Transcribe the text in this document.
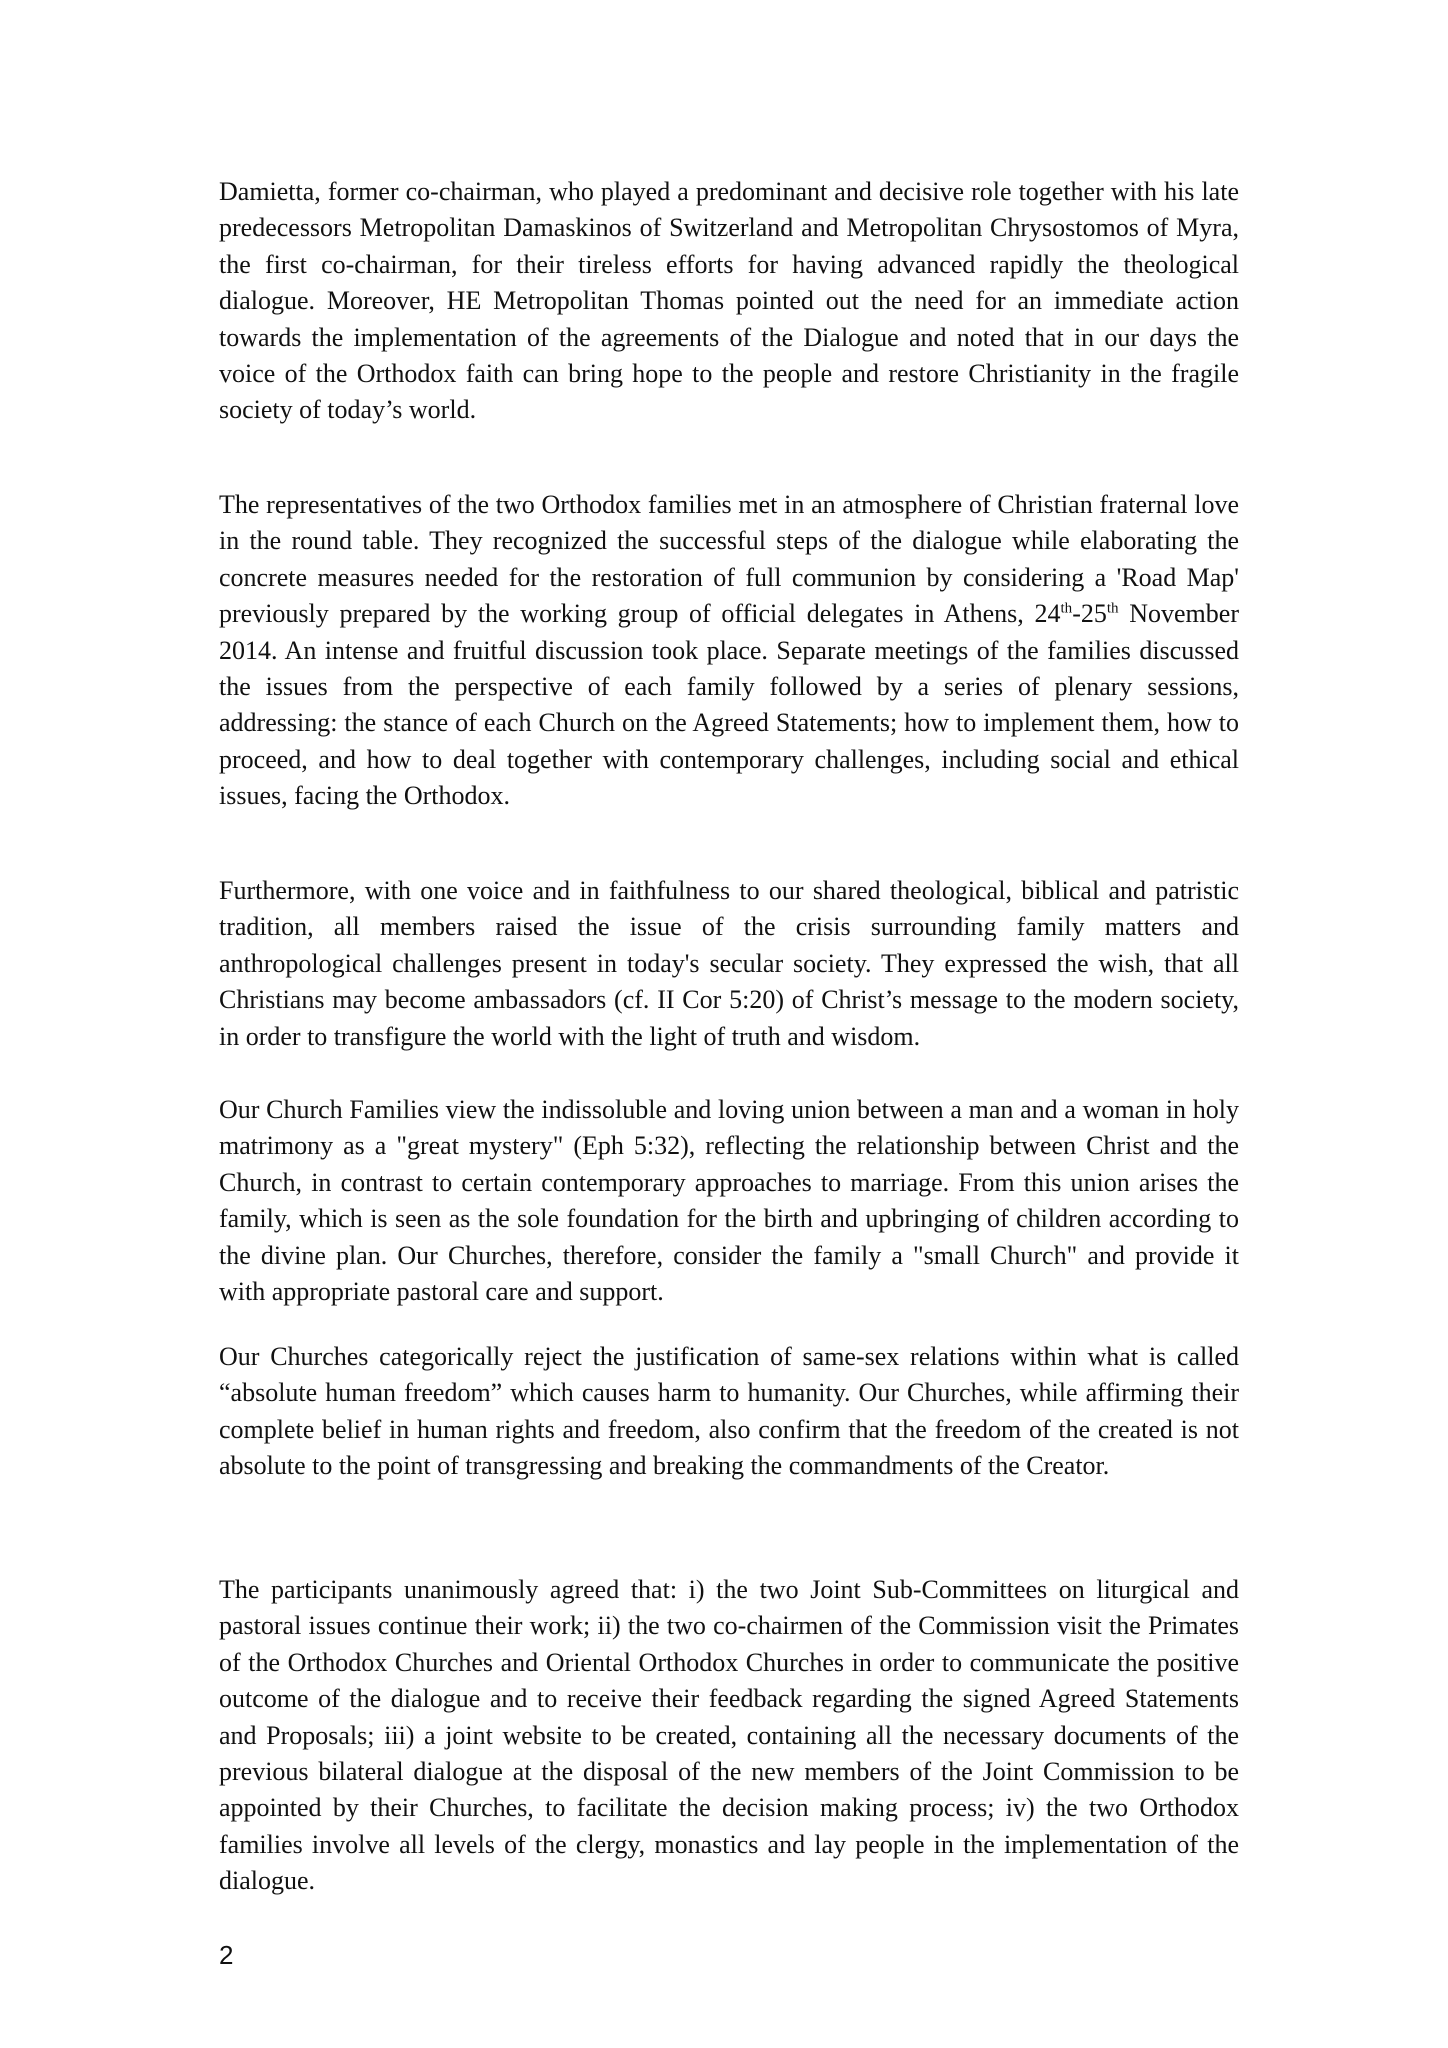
Damietta, former co-chairman, who played a predominant and decisive role together with his late predecessors Metropolitan Damaskinos of Switzerland and Metropolitan Chrysostomos of Myra, the first co-chairman, for their tireless efforts for having advanced rapidly the theological dialogue. Moreover, HE Metropolitan Thomas pointed out the need for an immediate action towards the implementation of the agreements of the Dialogue and noted that in our days the voice of the Orthodox faith can bring hope to the people and restore Christianity in the fragile society of today’s world.

The representatives of the two Orthodox families met in an atmosphere of Christian fraternal love in the round table. They recognized the successful steps of the dialogue while elaborating the concrete measures needed for the restoration of full communion by considering a 'Road Map' previously prepared by the working group of official delegates in Athens, 24th-25th November 2014. An intense and fruitful discussion took place. Separate meetings of the families discussed the issues from the perspective of each family followed by a series of plenary sessions, addressing: the stance of each Church on the Agreed Statements; how to implement them, how to proceed, and how to deal together with contemporary challenges, including social and ethical issues, facing the Orthodox.

Furthermore, with one voice and in faithfulness to our shared theological, biblical and patristic tradition, all members raised the issue of the crisis surrounding family matters and anthropological challenges present in today's secular society. They expressed the wish, that all Christians may become ambassadors (cf. II Cor 5:20) of Christ’s message to the modern society, in order to transfigure the world with the light of truth and wisdom.

Our Church Families view the indissoluble and loving union between a man and a woman in holy matrimony as a "great mystery" (Eph 5:32), reflecting the relationship between Christ and the Church, in contrast to certain contemporary approaches to marriage. From this union arises the family, which is seen as the sole foundation for the birth and upbringing of children according to the divine plan. Our Churches, therefore, consider the family a "small Church" and provide it with appropriate pastoral care and support.

Our Churches categorically reject the justification of same-sex relations within what is called “absolute human freedom” which causes harm to humanity. Our Churches, while affirming their complete belief in human rights and freedom, also confirm that the freedom of the created is not absolute to the point of transgressing and breaking the commandments of the Creator.

The participants unanimously agreed that: i) the two Joint Sub-Committees on liturgical and pastoral issues continue their work; ii) the two co-chairmen of the Commission visit the Primates of the Orthodox Churches and Oriental Orthodox Churches in order to communicate the positive outcome of the dialogue and to receive their feedback regarding the signed Agreed Statements and Proposals; iii) a joint website to be created, containing all the necessary documents of the previous bilateral dialogue at the disposal of the new members of the Joint Commission to be appointed by their Churches, to facilitate the decision making process; iv) the two Orthodox families involve all levels of the clergy, monastics and lay people in the implementation of the dialogue.

2
